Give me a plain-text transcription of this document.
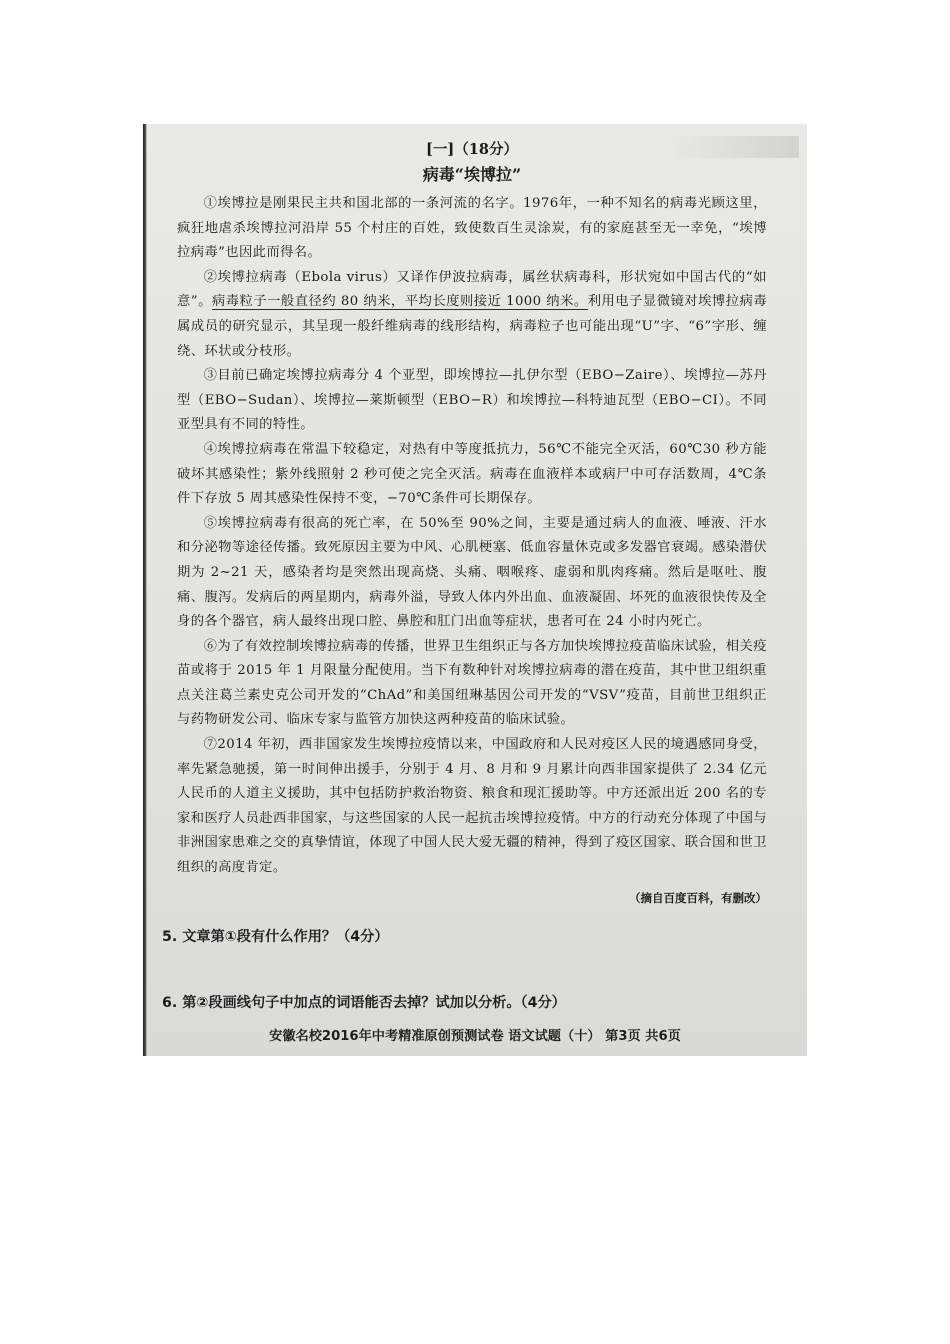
[一]（18分）

病毒“埃博拉”

①埃博拉是刚果民主共和国北部的一条河流的名字。1976年，一种不知名的病毒光顾这里，疯狂地虐杀埃博拉河沿岸 55 个村庄的百姓，致使数百生灵涂炭，有的家庭甚至无一幸免，“埃博拉病毒”也因此而得名。

②埃博拉病毒（Ebola virus）又译作伊波拉病毒，属丝状病毒科，形状宛如中国古代的“如意”。病毒粒子一般直径约 80 纳米，平均长度则接近 1000 纳米。利用电子显微镜对埃博拉病毒属成员的研究显示，其呈现一般纤维病毒的线形结构，病毒粒子也可能出现“U”字、“6”字形、缠绕、环状或分枝形。

③目前已确定埃博拉病毒分 4 个亚型，即埃博拉—扎伊尔型（EBO−Zaire）、埃博拉—苏丹型（EBO−Sudan）、埃博拉—莱斯顿型（EBO−R）和埃博拉—科特迪瓦型（EBO−CI）。不同亚型具有不同的特性。

④埃博拉病毒在常温下较稳定，对热有中等度抵抗力，56℃不能完全灭活，60℃30 秒方能破坏其感染性；紫外线照射 2 秒可使之完全灭活。病毒在血液样本或病尸中可存活数周，4℃条件下存放 5 周其感染性保持不变，−70℃条件可长期保存。

⑤埃博拉病毒有很高的死亡率，在 50%至 90%之间，主要是通过病人的血液、唾液、汗水和分泌物等途径传播。致死原因主要为中风、心肌梗塞、低血容量休克或多发器官衰竭。感染潜伏期为 2~21 天，感染者均是突然出现高烧、头痛、咽喉疼、虚弱和肌肉疼痛。然后是呕吐、腹痛、腹泻。发病后的两星期内，病毒外溢，导致人体内外出血、血液凝固、坏死的血液很快传及全身的各个器官，病人最终出现口腔、鼻腔和肛门出血等症状，患者可在 24 小时内死亡。

⑥为了有效控制埃博拉病毒的传播，世界卫生组织正与各方加快埃博拉疫苗临床试验，相关疫苗或将于 2015 年 1 月限量分配使用。当下有数种针对埃博拉病毒的潜在疫苗，其中世卫组织重点关注葛兰素史克公司开发的“ChAd”和美国纽琳基因公司开发的“VSV”疫苗，目前世卫组织正与药物研发公司、临床专家与监管方加快这两种疫苗的临床试验。

⑦2014 年初，西非国家发生埃博拉疫情以来，中国政府和人民对疫区人民的境遇感同身受，率先紧急驰援，第一时间伸出援手，分别于 4 月、8 月和 9 月累计向西非国家提供了 2.34 亿元人民币的人道主义援助，其中包括防护救治物资、粮食和现汇援助等。中方还派出近 200 名的专家和医疗人员赴西非国家，与这些国家的人民一起抗击埃博拉疫情。中方的行动充分体现了中国与非洲国家患难之交的真挚情谊，体现了中国人民大爱无疆的精神，得到了疫区国家、联合国和世卫组织的高度肯定。

（摘自百度百科，有删改）

5. 文章第①段有什么作用？（4分）

6. 第②段画线句子中加点的词语能否去掉？试加以分析。（4分）

安徽名校2016年中考精准原创预测试卷 语文试题（十） 第3页 共6页
